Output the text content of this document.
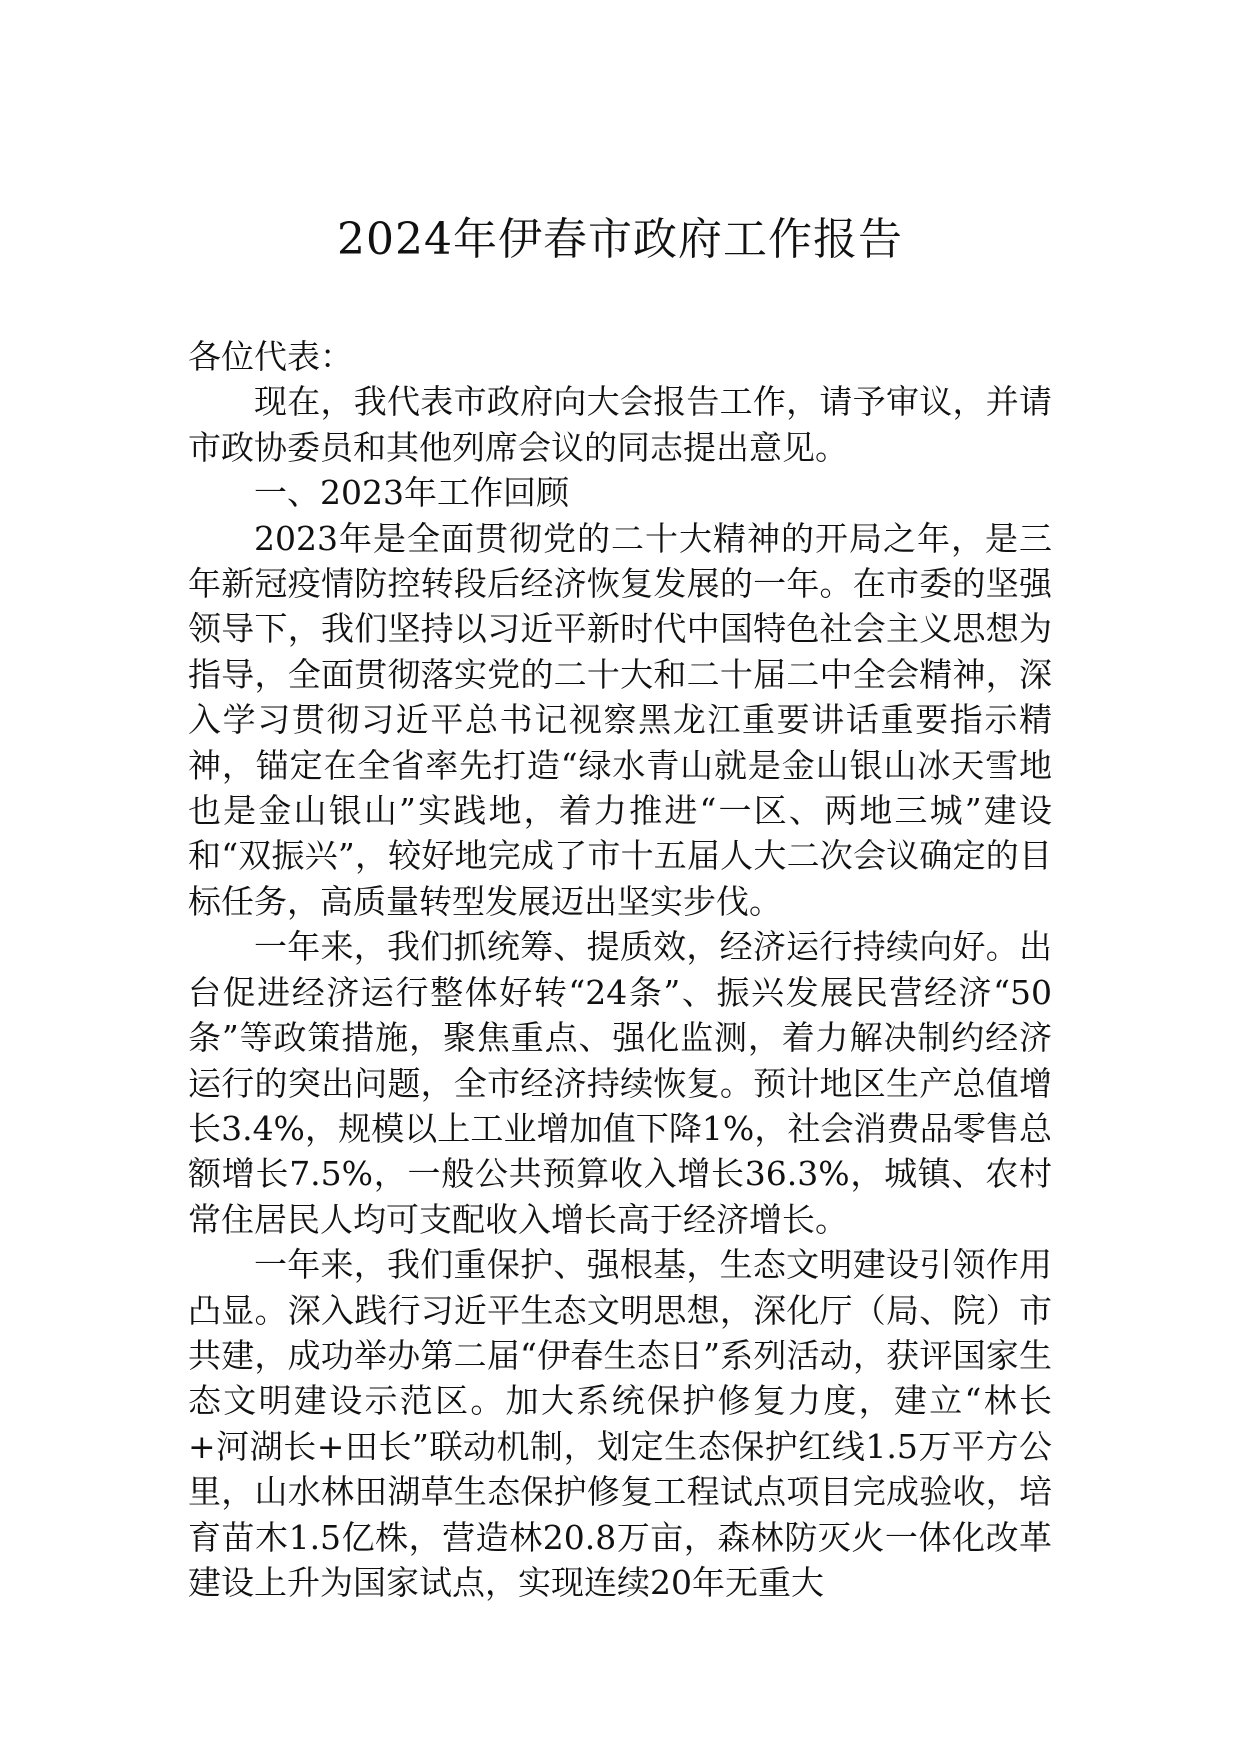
2024年伊春市政府工作报告

各位代表：

现在，我代表市政府向大会报告工作，请予审议，并请市政协委员和其他列席会议的同志提出意见。

一、2023年工作回顾

2023年是全面贯彻党的二十大精神的开局之年，是三年新冠疫情防控转段后经济恢复发展的一年。在市委的坚强领导下，我们坚持以习近平新时代中国特色社会主义思想为指导，全面贯彻落实党的二十大和二十届二中全会精神，深入学习贯彻习近平总书记视察黑龙江重要讲话重要指示精神，锚定在全省率先打造“绿水青山就是金山银山冰天雪地也是金山银山”实践地，着力推进“一区、两地三城”建设和“双振兴”，较好地完成了市十五届人大二次会议确定的目标任务，高质量转型发展迈出坚实步伐。

一年来，我们抓统筹、提质效，经济运行持续向好。出台促进经济运行整体好转“24条”、振兴发展民营经济“50条”等政策措施，聚焦重点、强化监测，着力解决制约经济运行的突出问题，全市经济持续恢复。预计地区生产总值增长3.4%，规模以上工业增加值下降1%，社会消费品零售总额增长7.5%，一般公共预算收入增长36.3%，城镇、农村常住居民人均可支配收入增长高于经济增长。

一年来，我们重保护、强根基，生态文明建设引领作用凸显。深入践行习近平生态文明思想，深化厅（局、院）市共建，成功举办第二届“伊春生态日”系列活动，获评国家生态文明建设示范区。加大系统保护修复力度，建立“林长+河湖长+田长”联动机制，划定生态保护红线1.5万平方公里，山水林田湖草生态保护修复工程试点项目完成验收，培育苗木1.5亿株，营造林20.8万亩，森林防灭火一体化改革建设上升为国家试点，实现连续20年无重大
